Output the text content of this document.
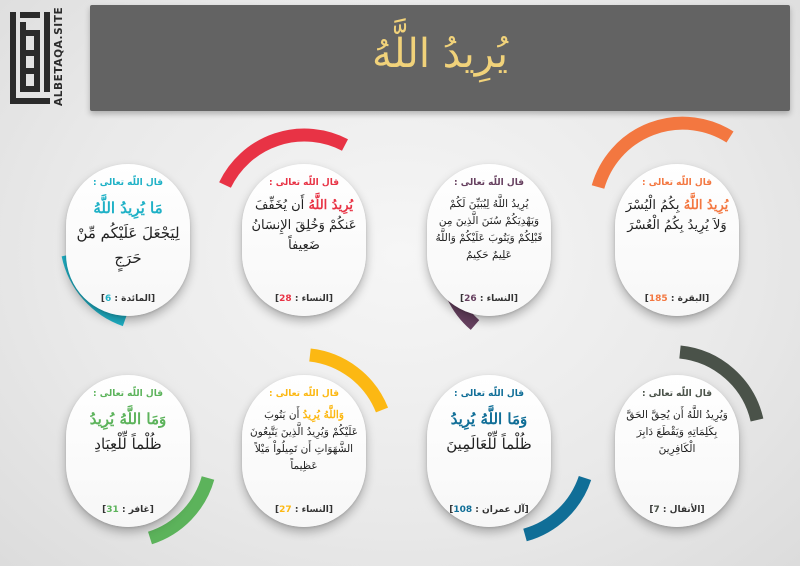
ALBETAQA.SITE	يُرِيدُ اللَّهُ
قال اللّه تعالى :
يُرِيدُ اللَّهُ بِكُمُ الْيُسْرَ وَلاَ يُرِيدُ بِكُمُ الْعُسْرَ
[البقرة : 185]
قال اللّه تعالى :
يُرِيدُ اللَّهُ لِيُبَيِّنَ لَكُمْ وَيَهْدِيَكُمْ سُنَنَ الَّذِينَ مِن قَبْلِكُمْ وَيَتُوبَ عَلَيْكُمْ وَاللَّهُ عَلِيمٌ حَكِيمٌ
[النساء : 26]
قال اللّه تعالى :
يُرِيدُ اللَّهُ أَن يُخَفِّفَ عَنكُمْ وَخُلِقَ الإِنسَانُ ضَعِيفاً
[النساء : 28]
قال اللّه تعالى :
مَا يُرِيدُ اللَّهُ لِيَجْعَلَ عَلَيْكُم مِّنْ حَرَجٍ
[المائدة : 6]
قال اللّه تعالى :
وَيُرِيدُ اللَّهُ أَن يُحِقَّ الحَقَّ بِكَلِمَاتِهِ وَيَقْطَعَ دَابِرَ الْكَافِرِينَ
[الأنفال : 7]
قال اللّه تعالى :
وَمَا اللَّهُ يُرِيدُ ظُلْماً لِّلْعَالَمِينَ
[آل عمران : 108]
قال اللّه تعالى :
وَاللَّهُ يُرِيدُ أَن يَتُوبَ عَلَيْكُمْ وَيُرِيدُ الَّذِينَ يَتَّبِعُونَ الشَّهَوَاتِ أَن تَمِيلُواْ مَيْلاً عَظِيماً
[النساء : 27]
قال اللّه تعالى :
وَمَا اللَّهُ يُرِيدُ ظُلْماً لِّلْعِبَادِ
[غافر : 31]
